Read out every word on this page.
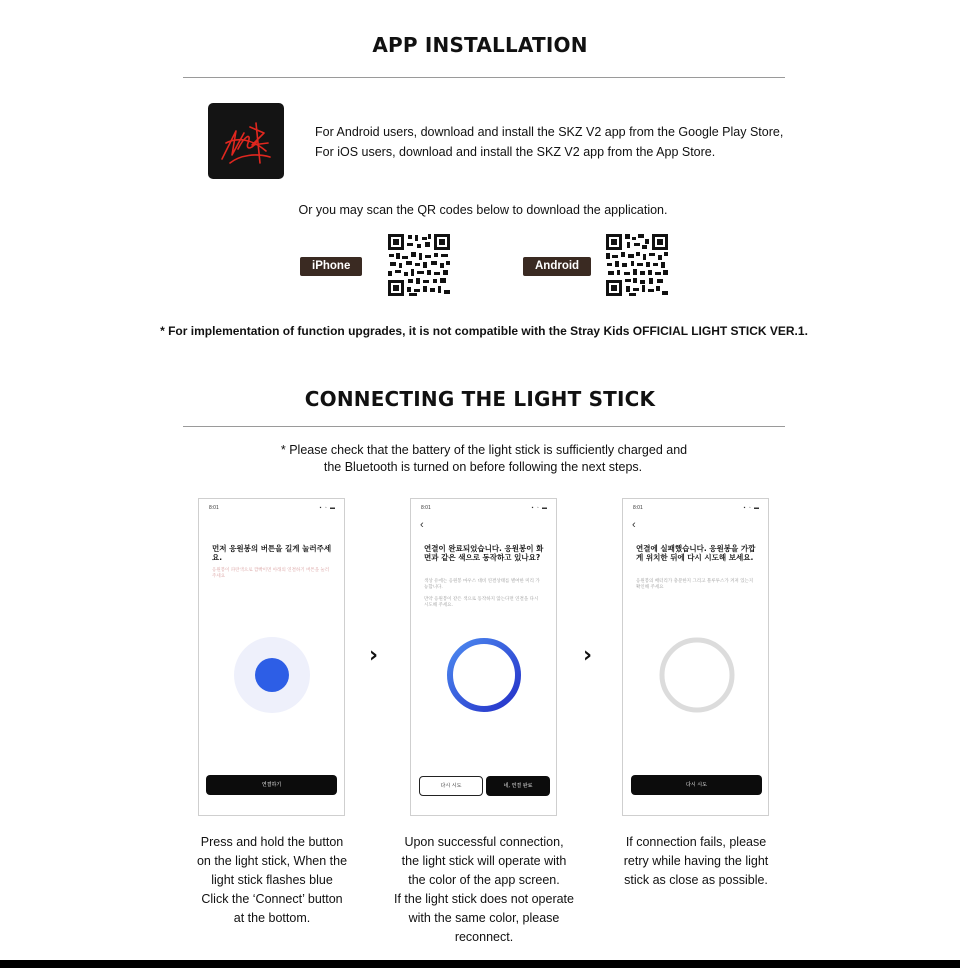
APP INSTALLATION
For Android users, download and install the SKZ V2 app from the Google Play Store,
For iOS users, download and install the SKZ V2 app from the App Store.
Or you may scan the QR codes below to download the application.
iPhone	Android
* For implementation of function upgrades, it is not compatible with the Stray Kids OFFICIAL LIGHT STICK VER.1.
CONNECTING THE LIGHT STICK
* Please check that the battery of the light stick is sufficiently charged and
the Bluetooth is turned on before following the next steps.
8:01	▪ ◦ ▬
먼저 응원봉의 버튼을 길게 눌러주세요.
응원봉이 파란색으로 깜빡이면 아래의 연결하기 버튼을 눌러주세요
연결하기
›
8:01	▪ ◦ ▬
‹
연결이 완료되었습니다. 응원봉이 화면과 같은 색으로 동작하고 있나요?
색상 유에는 응원봉 마우스 대비 연결상태를 별여한 미리 가능합니다.
만약 응원봉이 같은 색으로 동작하지 않는다면 연결을 다시 시도해 주세요.
다시 시도	네, 연결 완료
›
8:01	▪ ◦ ▬
‹
연결에 실패했습니다. 응원봉을 가깝게 위치한 뒤에 다시 시도해 보세요.
응원봉의 배터리가 충분한지 그리고 블루투스가 켜져 있는지 확인해 주세요
다시 시도
Press and hold the button
on the light stick, When the
light stick flashes blue
Click the ‘Connect’ button
at the bottom.
Upon successful connection,
the light stick will operate with
the color of the app screen.
If the light stick does not operate
with the same color, please
reconnect.
If connection fails, please
retry while having the light
stick as close as possible.
